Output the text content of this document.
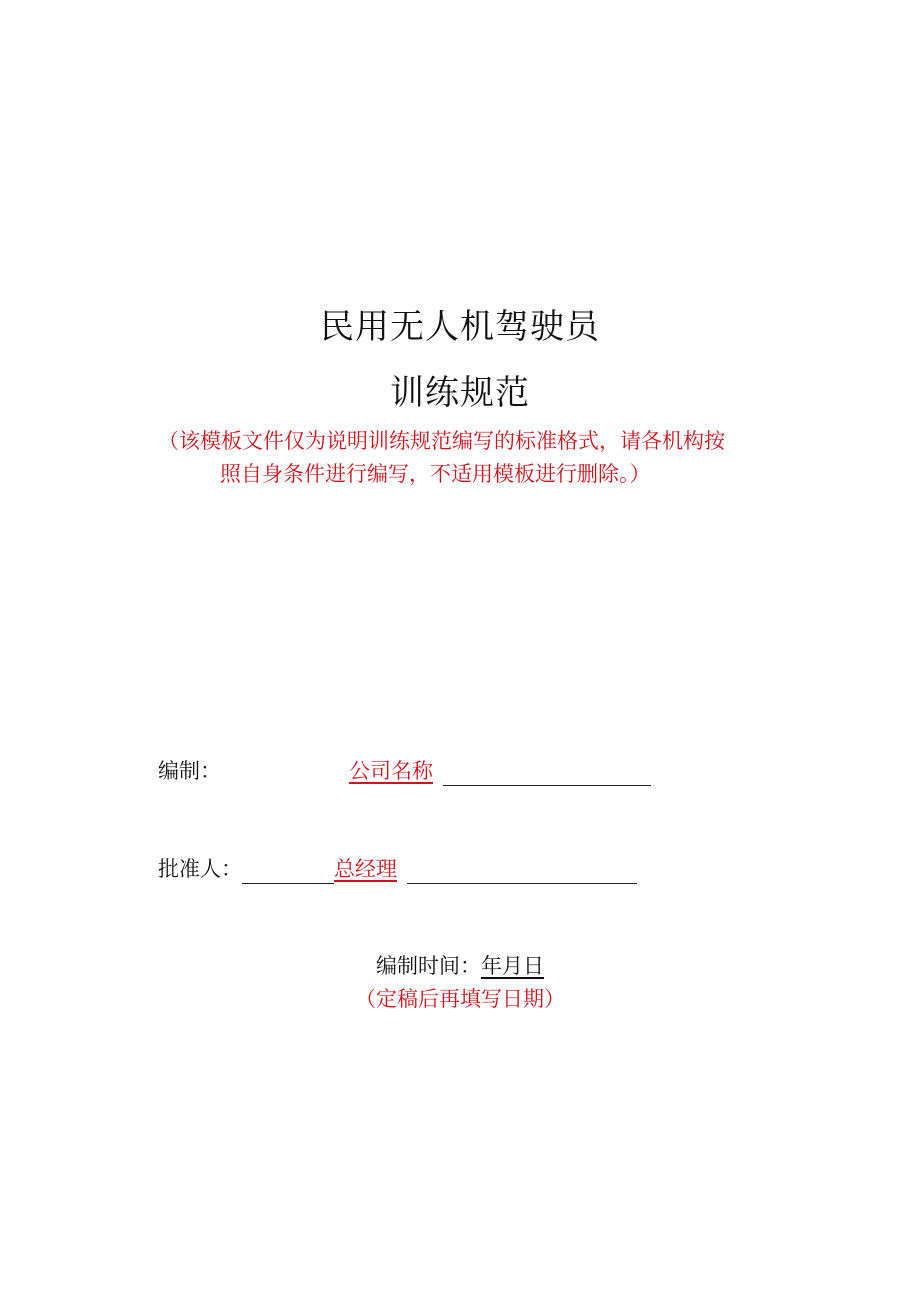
民用无人机驾驶员
训练规范
（该模板文件仅为说明训练规范编写的标准格式，请各机构按
照自身条件进行编写，不适用模板进行删除。）
编制：	公司名称
批准人：	总经理
编制时间：年月日
（定稿后再填写日期）
